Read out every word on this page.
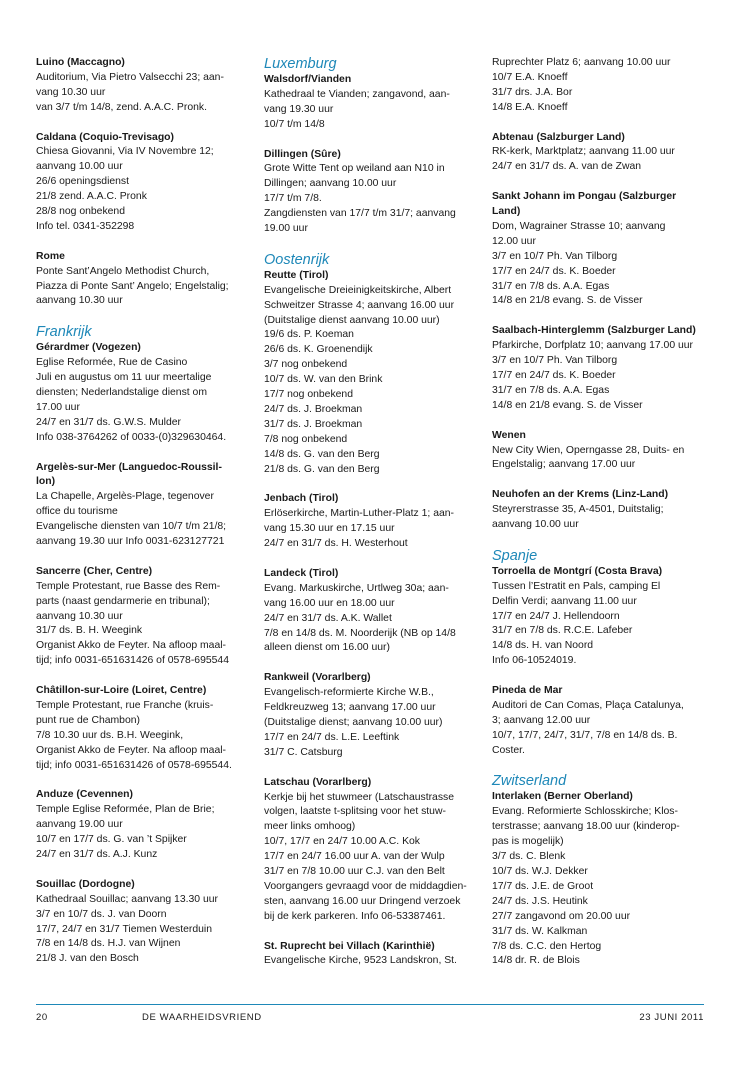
Luino (Maccagno)
Auditorium, Via Pietro Valsecchi 23; aan-
vang 10.30 uur
van 3/7 t/m 14/8, zend. A.A.C. Pronk.
Caldana (Coquio-Trevisago)
Chiesa Giovanni, Via IV Novembre 12;
aanvang 10.00 uur
26/6 openingsdienst
21/8 zend. A.A.C. Pronk
28/8 nog onbekend
Info tel. 0341-352298
Rome
Ponte Sant’Angelo Methodist Church,
Piazza di Ponte Sant’ Angelo; Engelstalig;
aanvang 10.30 uur
Frankrijk
Gérardmer (Vogezen)
Eglise Reformée, Rue de Casino
Juli en augustus om 11 uur meertalige
diensten; Nederlandstalige dienst om
17.00 uur
24/7 en 31/7 ds. G.W.S. Mulder
Info 038-3764262 of 0033-(0)329630464.
Argelès-sur-Mer (Languedoc-Roussil-
lon)
La Chapelle, Argelès-Plage, tegenover
office du tourisme
Evangelische diensten van 10/7 t/m 21/8;
aanvang 19.30 uur Info 0031-623127721
Sancerre (Cher, Centre)
Temple Protestant, rue Basse des Rem-
parts (naast gendarmerie en tribunal);
aanvang 10.30 uur
31/7 ds. B. H. Weegink
Organist Akko de Feyter. Na afloop maal-
tijd; info 0031-651631426 of 0578-695544
Châtillon-sur-Loire (Loiret, Centre)
Temple Protestant, rue Franche (kruis-
punt rue de Chambon)
7/8 10.30 uur ds. B.H. Weegink,
Organist Akko de Feyter. Na afloop maal-
tijd; info 0031-651631426 of 0578-695544.
Anduze (Cevennen)
Temple Eglise Reformée, Plan de Brie;
aanvang 19.00 uur
10/7 en 17/7 ds. G. van ’t Spijker
24/7 en 31/7 ds. A.J. Kunz
Souillac (Dordogne)
Kathedraal Souillac; aanvang 13.30 uur
3/7 en 10/7 ds. J. van Doorn
17/7, 24/7 en 31/7 Tiemen Westerduin
7/8 en 14/8 ds. H.J. van Wijnen
21/8 J. van den Bosch
Luxemburg
Walsdorf/Vianden
Kathedraal te Vianden; zangavond, aan-
vang 19.30 uur
10/7 t/m 14/8
Dillingen (Sûre)
Grote Witte Tent op weiland aan N10 in
Dillingen; aanvang 10.00 uur
17/7 t/m 7/8.
Zangdiensten van 17/7 t/m 31/7; aanvang
19.00 uur
Oostenrijk
Reutte (Tirol)
Evangelische Dreieinigkeitskirche, Albert
Schweitzer Strasse 4; aanvang 16.00 uur
(Duitstalige dienst aanvang 10.00 uur)
19/6 ds. P. Koeman
26/6 ds. K. Groenendijk
3/7 nog onbekend
10/7 ds. W. van den Brink
17/7 nog onbekend
24/7 ds. J. Broekman
31/7 ds. J. Broekman
7/8 nog onbekend
14/8 ds. G. van den Berg
21/8 ds. G. van den Berg
Jenbach (Tirol)
Erlöserkirche, Martin-Luther-Platz 1; aan-
vang 15.30 uur en 17.15 uur
24/7 en 31/7 ds. H. Westerhout
Landeck (Tirol)
Evang. Markuskirche, Urtlweg 30a; aan-
vang 16.00 uur en 18.00 uur
24/7 en 31/7 ds. A.K. Wallet
7/8 en 14/8 ds. M. Noorderijk (NB op 14/8
alleen dienst om 16.00 uur)
Rankweil (Vorarlberg)
Evangelisch-reformierte Kirche W.B.,
Feldkreuzweg 13; aanvang 17.00 uur
(Duitstalige dienst; aanvang 10.00 uur)
17/7 en 24/7 ds. L.E. Leeftink
31/7 C. Catsburg
Latschau (Vorarlberg)
Kerkje bij het stuwmeer (Latschaustrasse
volgen, laatste t-splitsing voor het stuw-
meer links omhoog)
10/7, 17/7 en 24/7 10.00 A.C. Kok
17/7 en 24/7 16.00 uur A. van der Wulp
31/7 en 7/8 10.00 uur C.J. van den Belt
Voorgangers gevraagd voor de middagdien-
sten, aanvang 16.00 uur Dringend verzoek
bij de kerk parkeren. Info 06-53387461.
St. Ruprecht bei Villach (Karinthië)
Evangelische Kirche, 9523 Landskron, St.
Ruprechter Platz 6; aanvang 10.00 uur
10/7 E.A. Knoeff
31/7 drs. J.A. Bor
14/8 E.A. Knoeff
Abtenau (Salzburger Land)
RK-kerk, Marktplatz; aanvang 11.00 uur
24/7 en 31/7 ds. A. van de Zwan
Sankt Johann im Pongau (Salzburger
Land)
Dom, Wagrainer Strasse 10; aanvang
12.00 uur
3/7 en 10/7 Ph. Van Tilborg
17/7 en 24/7 ds. K. Boeder
31/7 en 7/8 ds. A.A. Egas
14/8 en 21/8 evang. S. de Visser
Saalbach-Hinterglemm (Salzburger Land)
Pfarkirche, Dorfplatz 10; aanvang 17.00 uur
3/7 en 10/7 Ph. Van Tilborg
17/7 en 24/7 ds. K. Boeder
31/7 en 7/8 ds. A.A. Egas
14/8 en 21/8 evang. S. de Visser
Wenen
New City Wien, Operngasse 28, Duits- en
Engelstalig; aanvang 17.00 uur
Neuhofen an der Krems (Linz-Land)
Steyrerstrasse 35, A-4501, Duitstalig;
aanvang 10.00 uur
Spanje
Torroella de Montgrí (Costa Brava)
Tussen l’Estratit en Pals, camping El
Delfin Verdi; aanvang 11.00 uur
17/7 en 24/7 J. Hellendoorn
31/7 en 7/8 ds. R.C.E. Lafeber
14/8 ds. H. van Noord
Info 06-10524019.
Pineda de Mar
Auditori de Can Comas, Plaça Catalunya,
3; aanvang 12.00 uur
10/7, 17/7, 24/7, 31/7, 7/8 en 14/8 ds. B.
Coster.
Zwitserland
Interlaken (Berner Oberland)
Evang. Reformierte Schlosskirche; Klos-
terstrasse; aanvang 18.00 uur (kinderop-
pas is mogelijk)
3/7 ds. C. Blenk
10/7 ds. W.J. Dekker
17/7 ds. J.E. de Groot
24/7 ds. J.S. Heutink
27/7 zangavond om 20.00 uur
31/7 ds. W. Kalkman
7/8 ds. C.C. den Hertog
14/8 dr. R. de Blois
20	DE WAARHEIDSVRIEND	23 JUNI 2011
